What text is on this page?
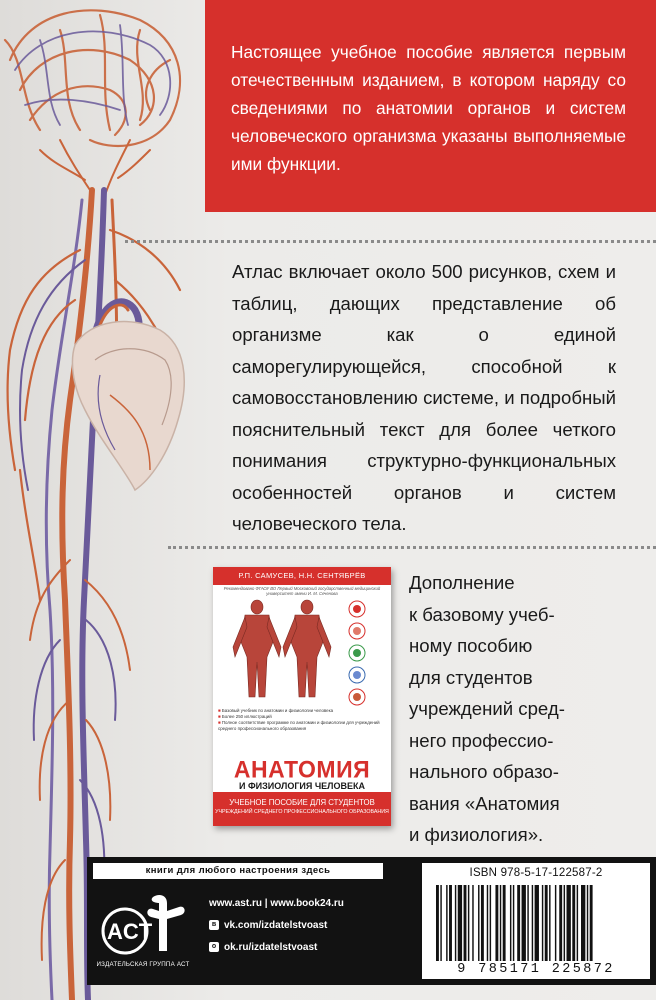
Настоящее учебное пособие является первым отечественным изданием, в котором наряду со сведениями по анатомии органов и систем человеческого организма указаны выполняемые ими функции.

Атлас включает около 500 рисунков, схем и таблиц, дающих представление об организме как о единой саморегулирующейся, способной к самовосстановлению системе, и подробный пояснительный текст для более четкого понимания структурно-функциональных особенностей органов и систем человеческого тела.

Р.П. САМУСЕВ, Н.Н. СЕНТЯБРЁВ
Рекомендовано ФГАОУ ВО Первый Московский государственный медицинский университет имени И. М. Сеченова
■ Базовый учебник по анатомии и физиологии человека
■ Более 250 иллюстраций
■ Полное соответствие программе по анатомии и физиологии для учреждений среднего профессионального образования
АНАТОМИЯ
И ФИЗИОЛОГИЯ ЧЕЛОВЕКА
УЧЕБНОЕ ПОСОБИЕ ДЛЯ СТУДЕНТОВ
УЧРЕЖДЕНИЙ СРЕДНЕГО ПРОФЕССИОНАЛЬНОГО ОБРАЗОВАНИЯ
Дополнение
к базовому учеб-
ному пособию
для студентов
учреждений сред-
него профессио-
нального образо-
вания «Анатомия
и физиология».
книги для любого настроения здесь
ACT
ИЗДАТЕЛЬСКАЯ ГРУППА АСТ
www.ast.ru | www.book24.ru
в vk.com/izdatelstvoast
о ok.ru/izdatelstvoast
ISBN 978-5-17-122587-2
9 785171 225872
